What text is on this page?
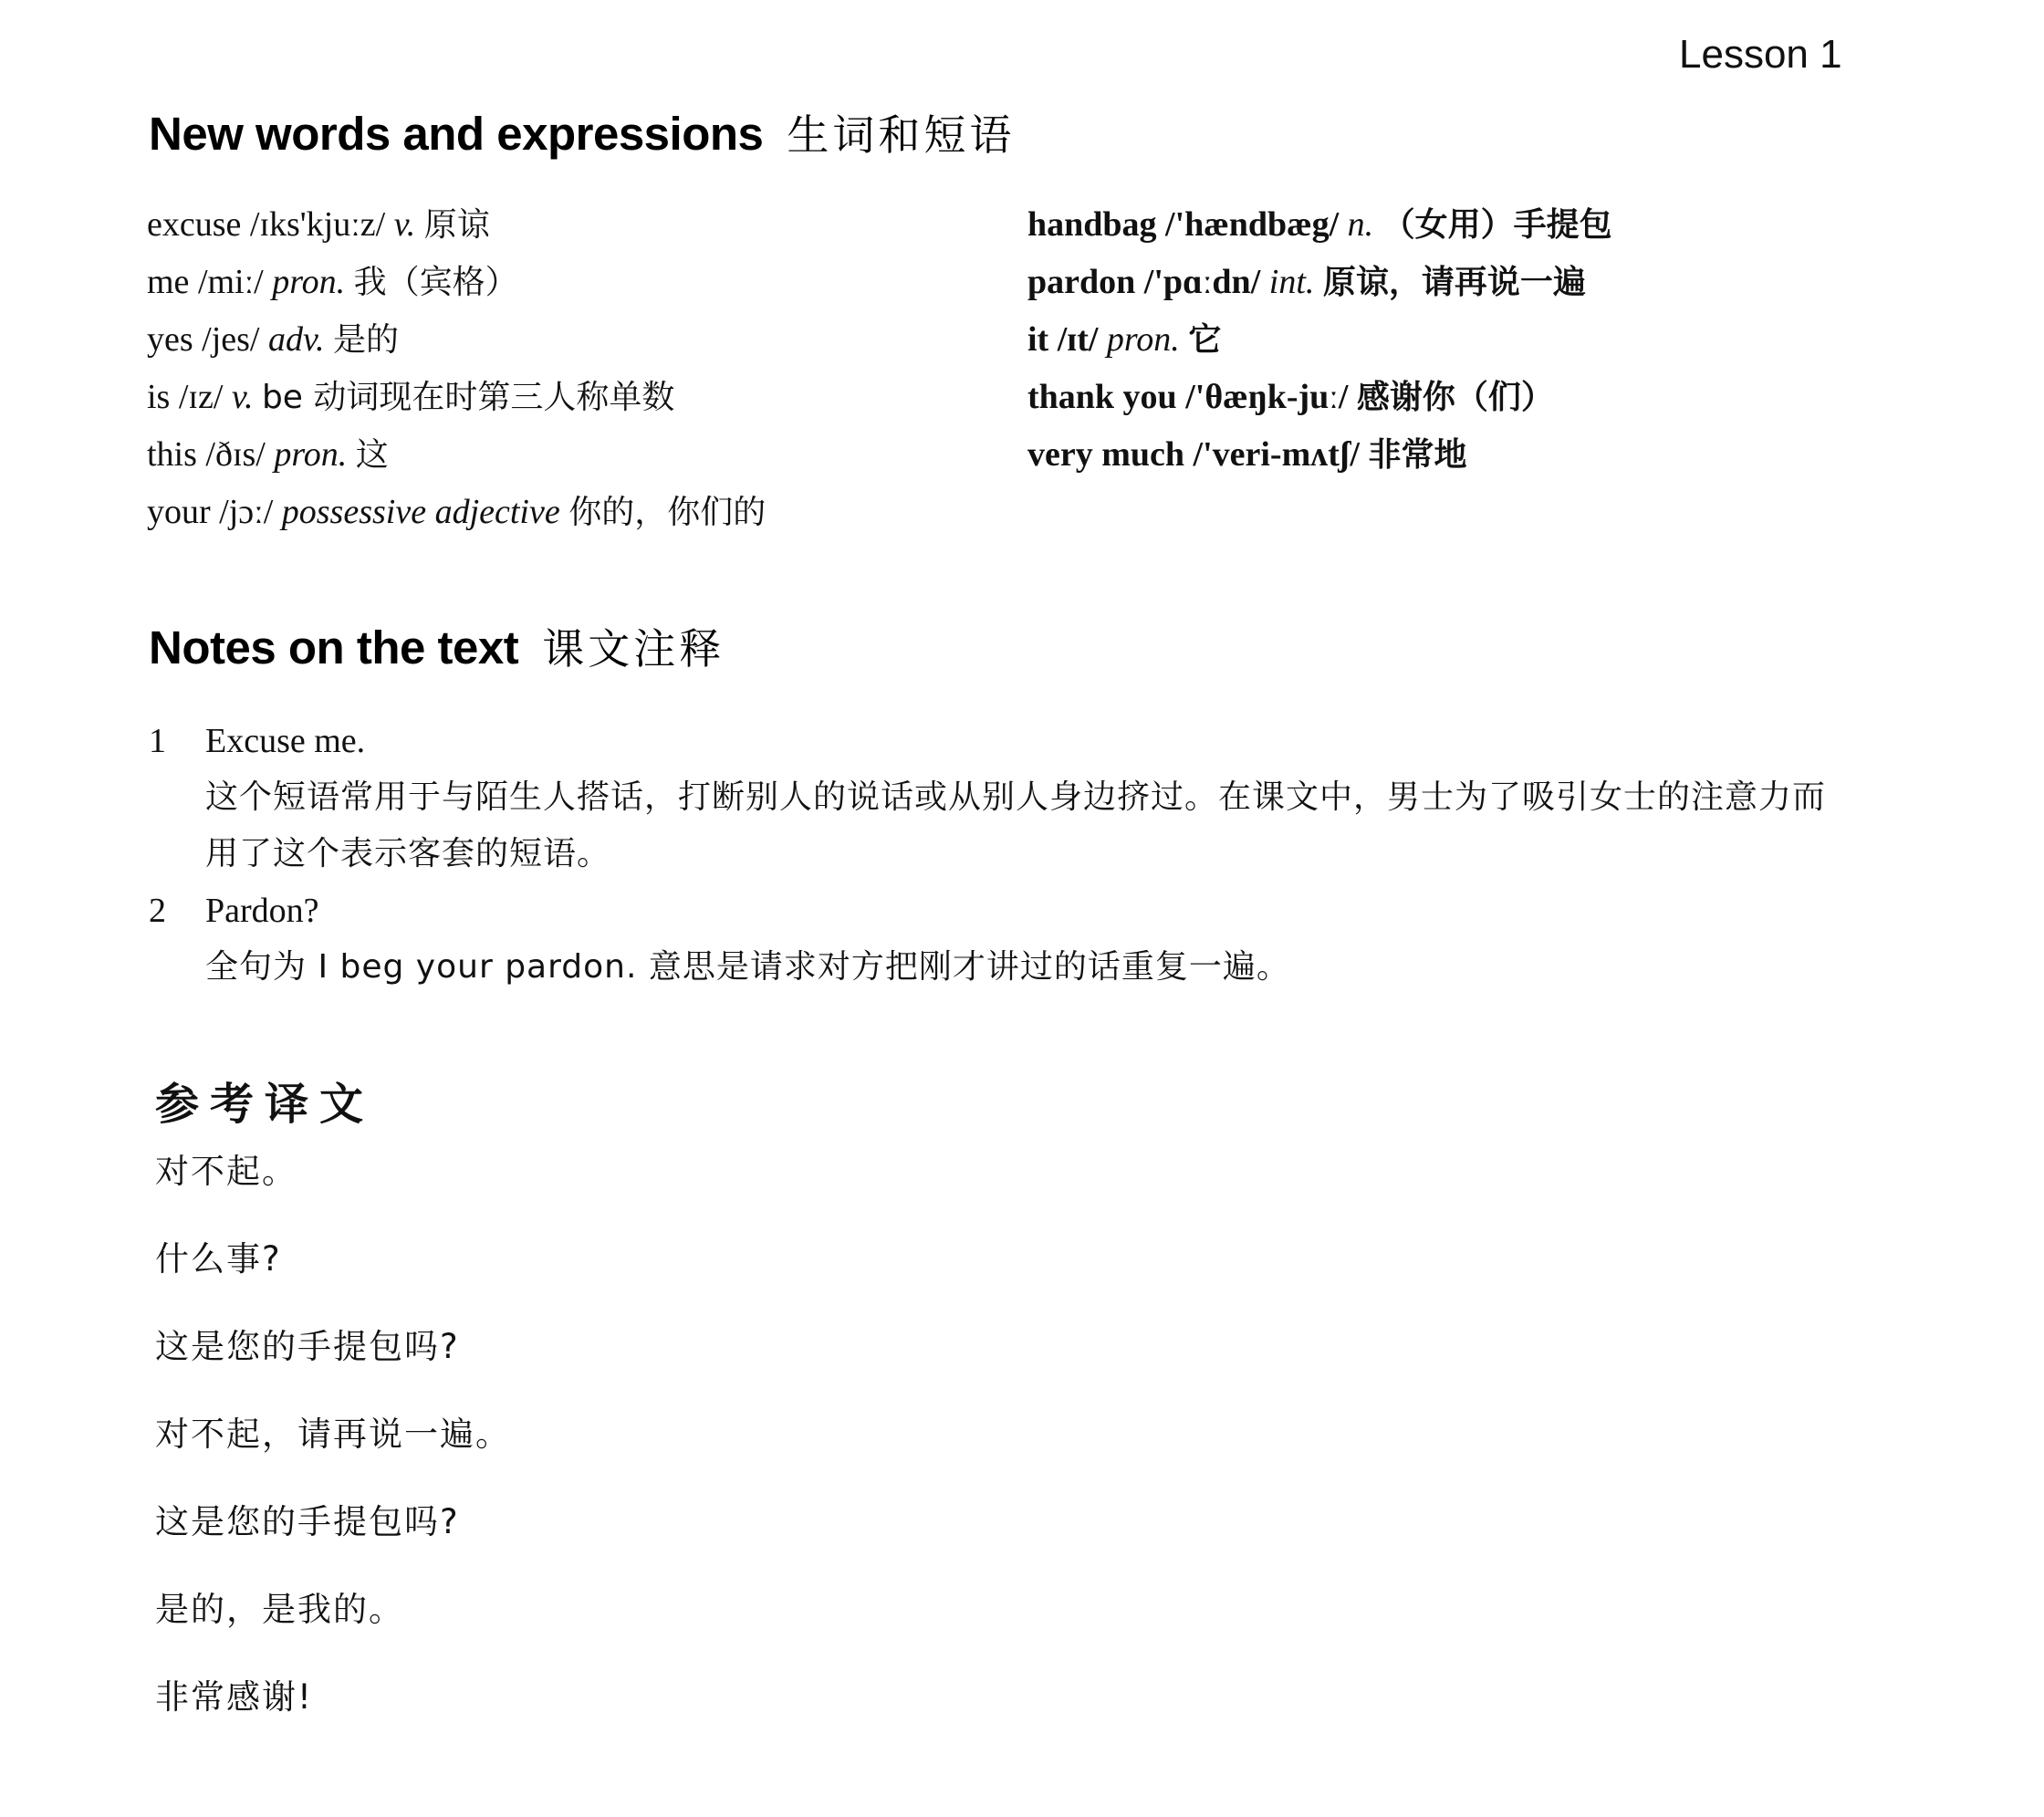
Lesson 1
New words and expressions 生词和短语
excuse /ɪks'kjuːz/ v. 原谅
me /miː/ pron. 我（宾格）
yes /jes/ adv. 是的
is /ɪz/ v. be 动词现在时第三人称单数
this /ðɪs/ pron. 这
your /jɔː/ possessive adjective 你的，你们的
handbag /'hændbæg/ n. （女用）手提包
pardon /'pɑːdn/ int. 原谅，请再说一遍
it /ɪt/ pron. 它
thank you /'θæŋk-juː/ 感谢你（们）
very much /'veri-mʌtʃ/ 非常地
Notes on the text 课文注释
1 Excuse me.
这个短语常用于与陌生人搭话，打断别人的说话或从别人身边挤过。在课文中，男士为了吸引女士的注意力而用了这个表示客套的短语。
2 Pardon?
全句为 I beg your pardon. 意思是请求对方把刚才讲过的话重复一遍。
参考译文
对不起。
什么事?
这是您的手提包吗?
对不起，请再说一遍。
这是您的手提包吗?
是的，是我的。
非常感谢!
